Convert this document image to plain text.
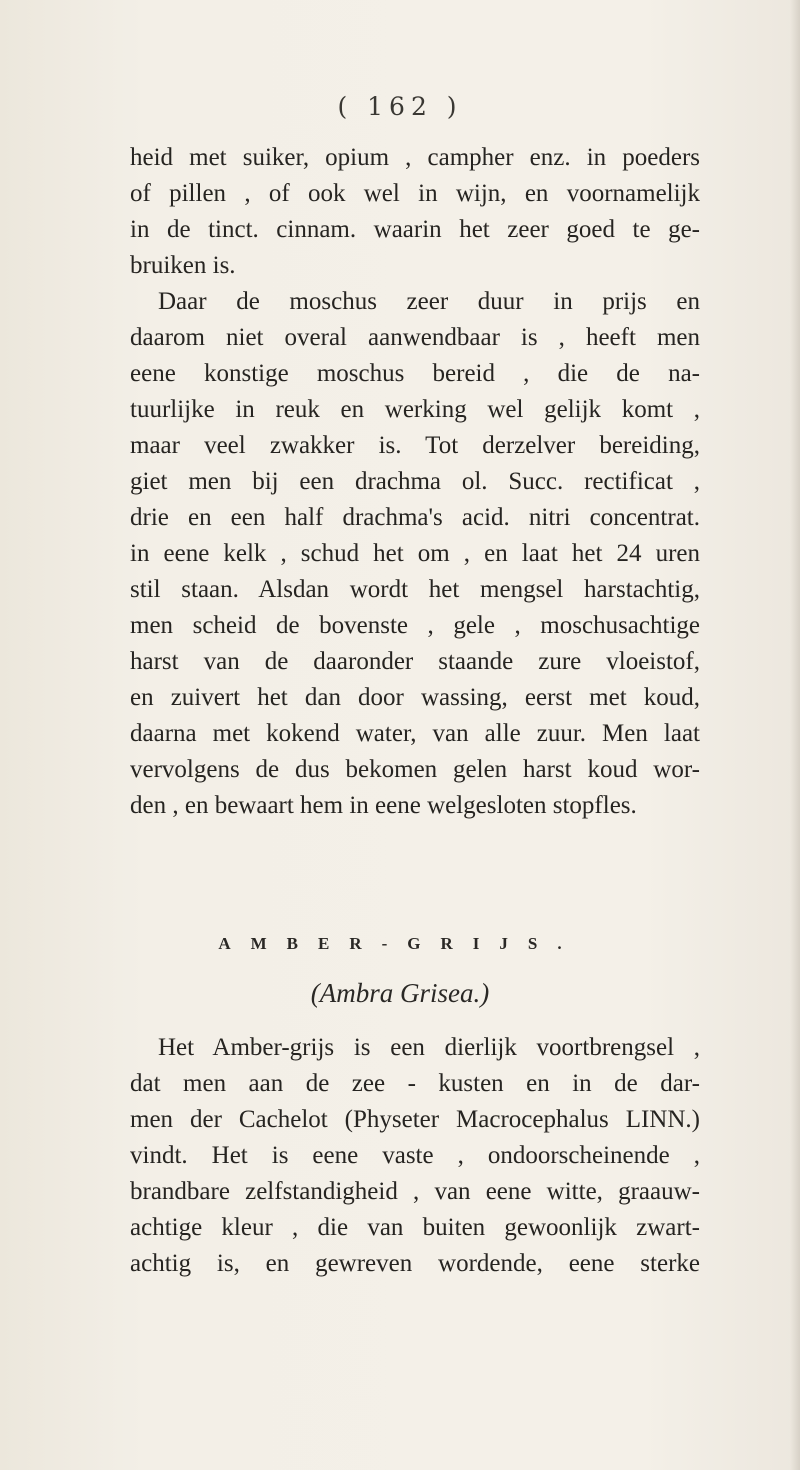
( 162 )
heid met suiker, opium , campher enz. in poeders
of pillen , of ook wel in wijn, en voornamelijk
in de tinct. cinnam. waarin het zeer goed te ge-
bruiken is.
Daar de moschus zeer duur in prijs en
daarom niet overal aanwendbaar is , heeft men
eene konstige moschus bereid , die de na-
tuurlijke in reuk en werking wel gelijk komt ,
maar veel zwakker is. Tot derzelver bereiding,
giet men bij een drachma ol. Succ. rectificat ,
drie en een half drachma's acid. nitri concentrat.
in eene kelk , schud het om , en laat het 24 uren
stil staan. Alsdan wordt het mengsel harstachtig,
men scheid de bovenste , gele , moschusachtige
harst van de daaronder staande zure vloeistof,
en zuivert het dan door wassing, eerst met koud,
daarna met kokend water, van alle zuur. Men laat
vervolgens de dus bekomen gelen harst koud wor-
den , en bewaart hem in eene welgesloten stopfles.
AMBER-GRIJS.
(Ambra Grisea.)
Het Amber-grijs is een dierlijk voortbrengsel ,
dat men aan de zee - kusten en in de dar-
men der Cachelot (Physeter Macrocephalus LINN.)
vindt. Het is eene vaste , ondoorscheinende ,
brandbare zelfstandigheid , van eene witte, graauw-
achtige kleur , die van buiten gewoonlijk zwart-
achtig is, en gewreven wordende, eene sterke
